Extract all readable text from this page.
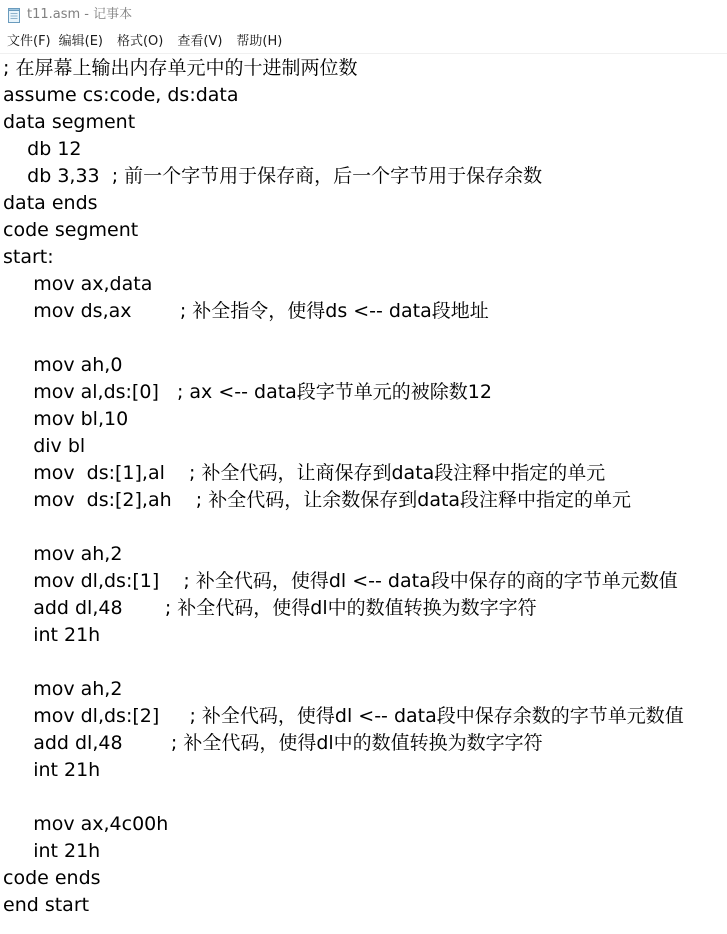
t11.asm - 记事本
文件(F) 编辑(E) 格式(O) 查看(V) 帮助(H)
; 在屏幕上输出内存单元中的十进制两位数
assume cs:code, ds:data
data segment
db 12
db 3,33  ; 前一个字节用于保存商，后一个字节用于保存余数
data ends
code segment
start:
mov ax,data
mov ds,ax        ; 补全指令，使得ds <-- data段地址
mov ah,0
mov al,ds:[0]   ; ax <-- data段字节单元的被除数12
mov bl,10
div bl
mov  ds:[1],al    ; 补全代码，让商保存到data段注释中指定的单元
mov  ds:[2],ah    ; 补全代码，让余数保存到data段注释中指定的单元
mov ah,2
mov dl,ds:[1]    ; 补全代码，使得dl <-- data段中保存的商的字节单元数值
add dl,48       ; 补全代码，使得dl中的数值转换为数字字符
int 21h
mov ah,2
mov dl,ds:[2]     ; 补全代码，使得dl <-- data段中保存余数的字节单元数值
add dl,48        ; 补全代码，使得dl中的数值转换为数字字符
int 21h
mov ax,4c00h
int 21h
code ends
end start
